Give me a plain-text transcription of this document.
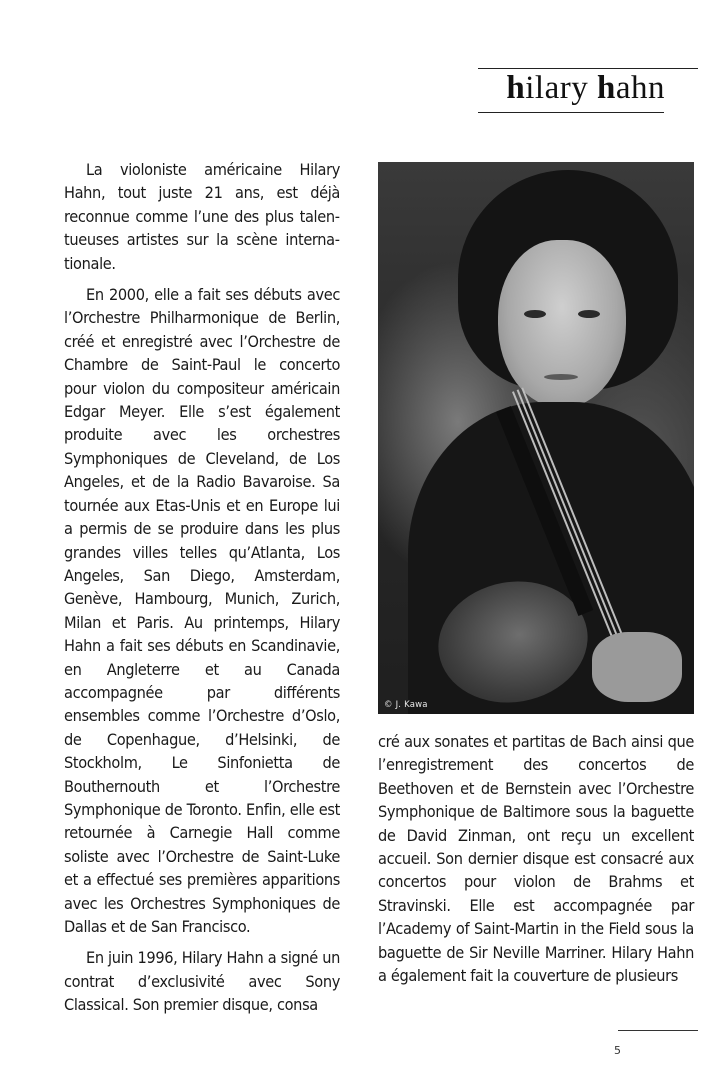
hilary hahn

La violoniste américaine Hilary Hahn, tout juste 21 ans, est déjà reconnue comme l’une des plus talentueuses artistes sur la scène internationale.

En 2000, elle a fait ses débuts avec l’Orchestre Philharmonique de Berlin, créé et enregistré avec l’Orchestre de Chambre de Saint-Paul le concerto pour violon du compositeur américain Edgar Meyer. Elle s’est également produite avec les orchestres Symphoniques de Cleveland, de Los Angeles, et de la Radio Bavaroise. Sa tournée aux Etas-Unis et en Europe lui a permis de se produire dans les plus grandes villes telles qu’Atlanta, Los Angeles, San Diego, Amsterdam, Genève, Hambourg, Munich, Zurich, Milan et Paris. Au printemps, Hilary Hahn a fait ses débuts en Scandinavie, en Angleterre et au Canada accompagnée par différents ensembles comme l’Orchestre d’Oslo, de Copenhague, d’Helsinki, de Stockholm, Le Sinfonietta de Bouthernouth et l’Orchestre Symphonique de Toronto. Enfin, elle est retournée à Carnegie Hall comme soliste avec l’Orchestre de Saint-Luke et a effectué ses premières apparitions avec les Orchestres Symphoniques de Dallas et de San Francisco.

En juin 1996, Hilary Hahn a signé un contrat d’exclusivité avec Sony Classical. Son premier disque, consa

© J. Kawa

cré aux sonates et partitas de Bach ainsi que l’enregistrement des concertos de Beethoven et de Bernstein avec l’Orchestre Symphonique de Baltimore sous la baguette de David Zinman, ont reçu un excellent accueil. Son dernier disque est consacré aux concertos pour violon de Brahms et Stravinski. Elle est accompagnée par l’Academy of Saint-Martin in the Field sous la baguette de Sir Neville Marriner. Hilary Hahn a également fait la couverture de plusieurs

5
